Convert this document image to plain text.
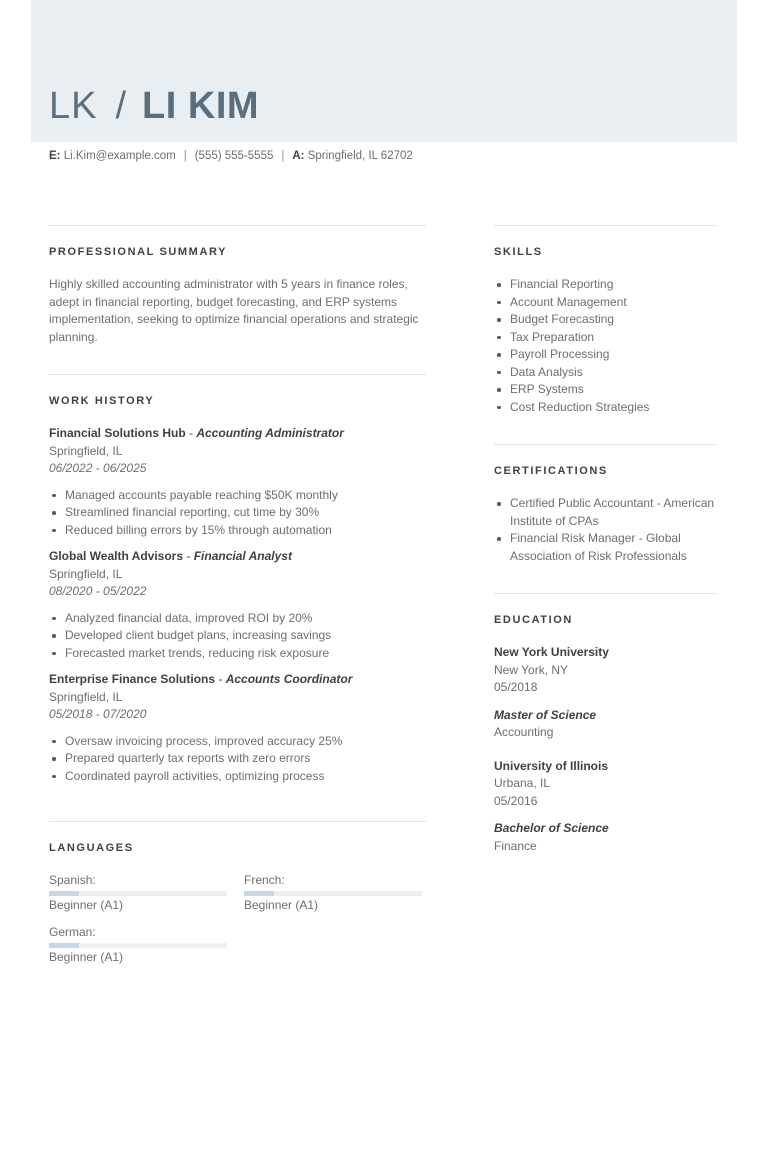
LK / LI KIM
E: Li.Kim@example.com | (555) 555-5555 | A: Springfield, IL 62702
PROFESSIONAL SUMMARY

Highly skilled accounting administrator with 5 years in finance roles, adept in financial reporting, budget forecasting, and ERP systems implementation, seeking to optimize financial operations and strategic planning.

WORK HISTORY
Financial Solutions Hub - Accounting Administrator
Springfield, IL
06/2022 - 06/2025
Managed accounts payable reaching $50K monthly
Streamlined financial reporting, cut time by 30%
Reduced billing errors by 15% through automation
Global Wealth Advisors - Financial Analyst
Springfield, IL
08/2020 - 05/2022
Analyzed financial data, improved ROI by 20%
Developed client budget plans, increasing savings
Forecasted market trends, reducing risk exposure
Enterprise Finance Solutions - Accounts Coordinator
Springfield, IL
05/2018 - 07/2020
Oversaw invoicing process, improved accuracy 25%
Prepared quarterly tax reports with zero errors
Coordinated payroll activities, optimizing process
LANGUAGES
Spanish:
Beginner (A1)
French:
Beginner (A1)
German:
Beginner (A1)
SKILLS
Financial Reporting
Account Management
Budget Forecasting
Tax Preparation
Payroll Processing
Data Analysis
ERP Systems
Cost Reduction Strategies
CERTIFICATIONS
Certified Public Accountant - American Institute of CPAs
Financial Risk Manager - Global Association of Risk Professionals
EDUCATION
New York University
New York, NY
05/2018
Master of Science
Accounting
University of Illinois
Urbana, IL
05/2016
Bachelor of Science
Finance
